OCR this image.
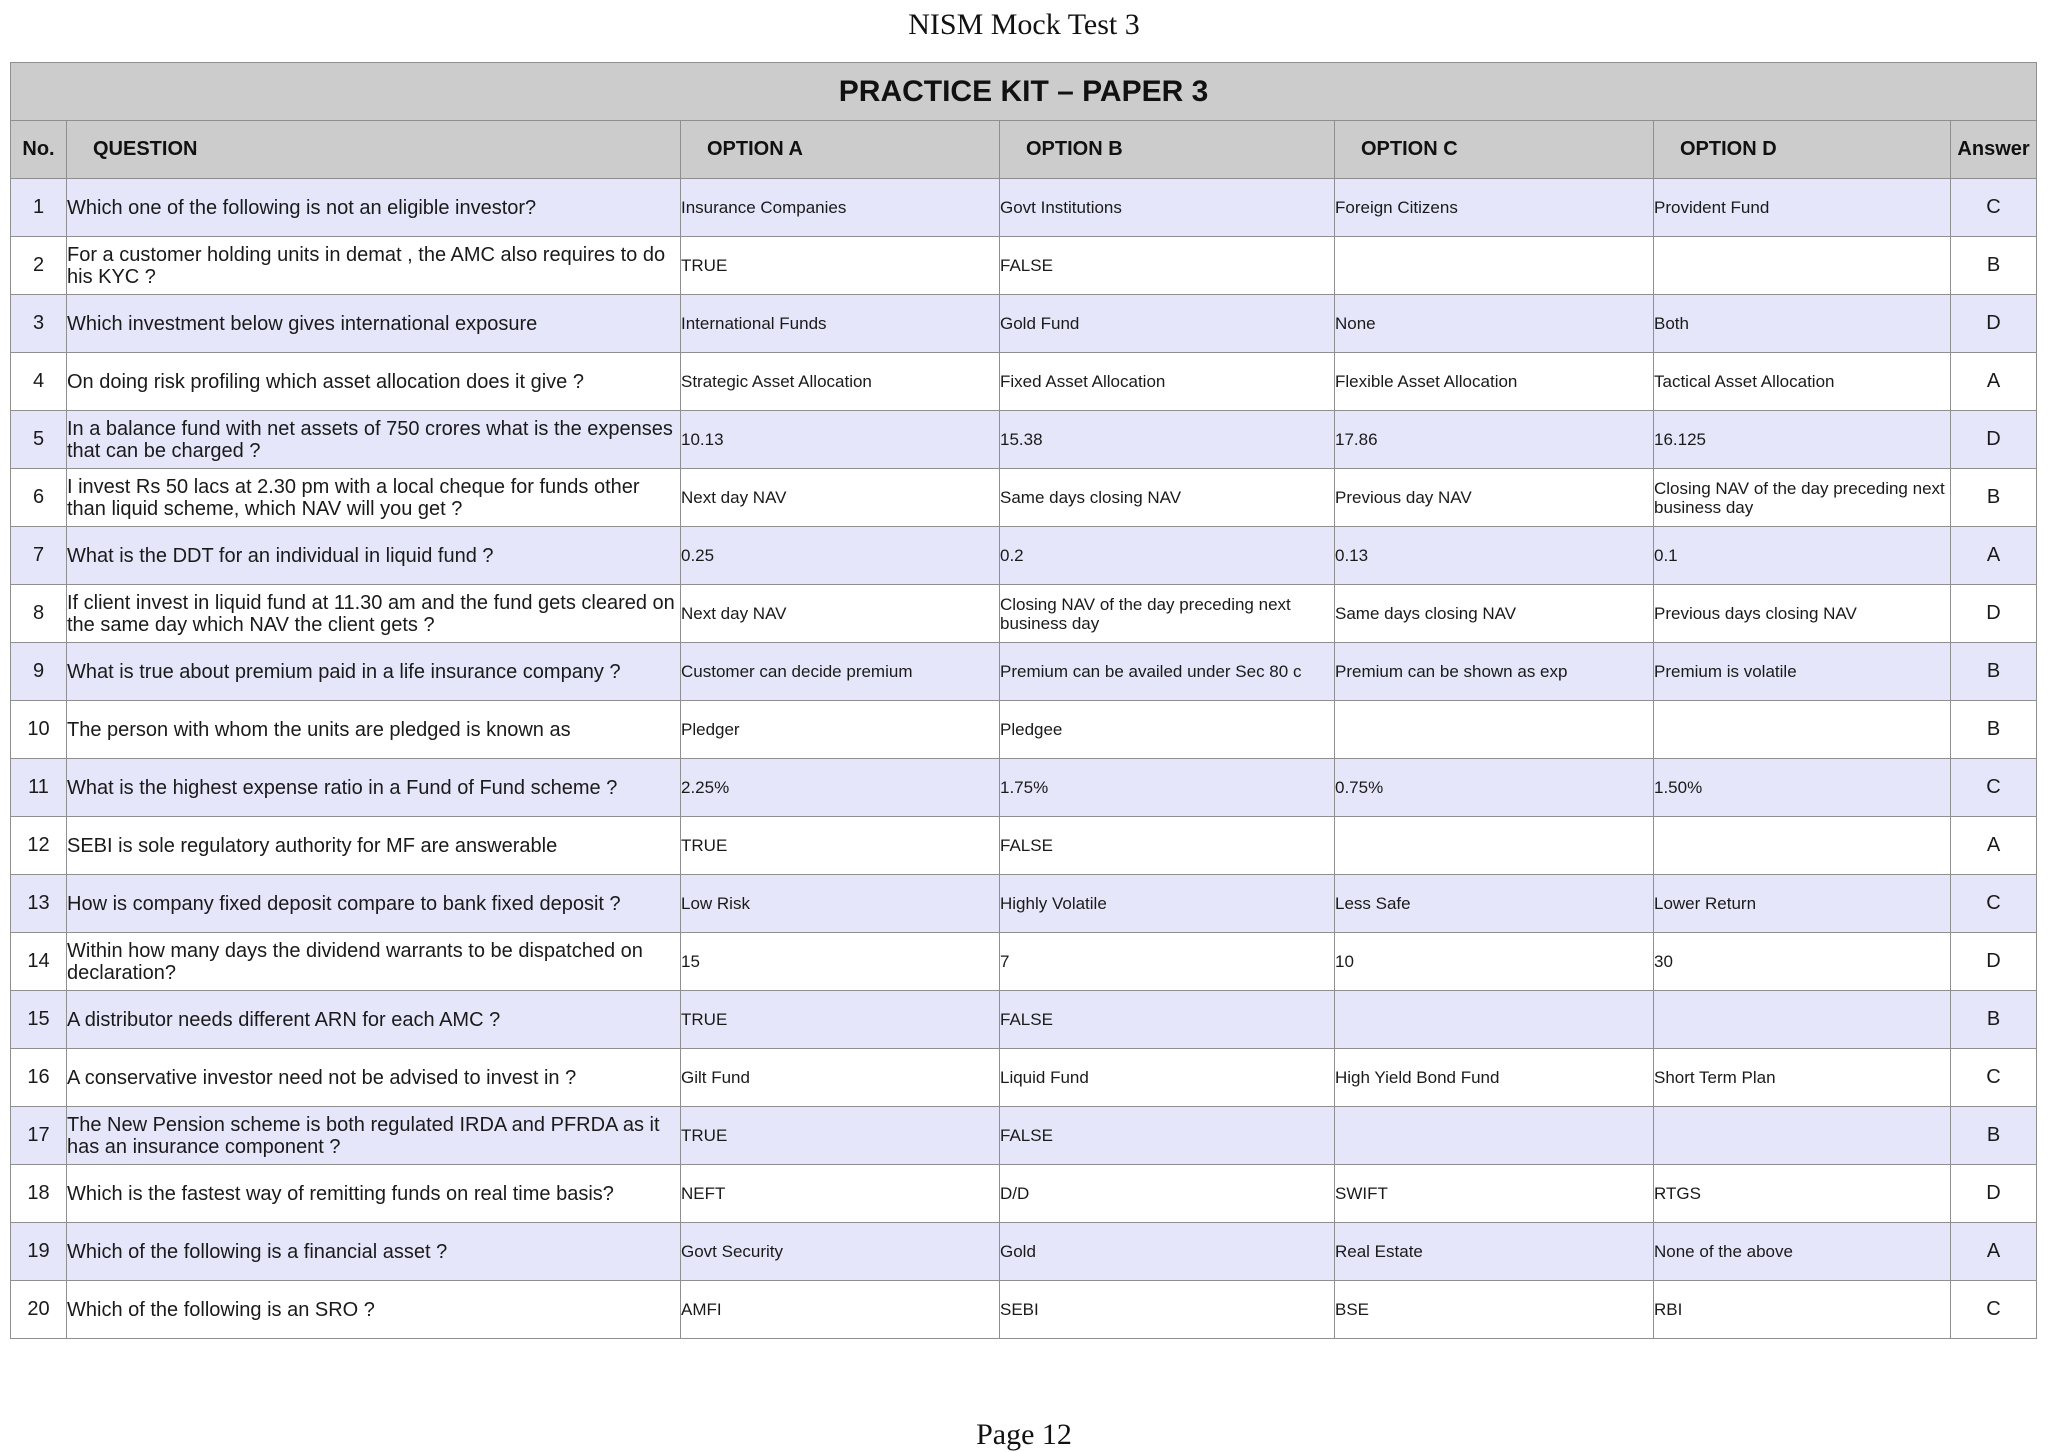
NISM Mock Test 3
PRACTICE KIT – PAPER 3						
No.	QUESTION	OPTION A	OPTION B	OPTION C	OPTION D	Answer
1	Which one of the following is not an eligible investor?	Insurance Companies	Govt Institutions	Foreign Citizens	Provident Fund	C
2	For a customer holding units in demat , the AMC also requires to do his KYC ?	TRUE	FALSE			B
3	Which investment below gives international exposure	International Funds	Gold Fund	None	Both	D
4	On doing risk profiling which asset allocation does it give ?	Strategic Asset Allocation	Fixed Asset Allocation	Flexible Asset Allocation	Tactical Asset Allocation	A
5	In a balance fund with net assets of 750 crores what is the expenses that can be charged ?	10.13	15.38	17.86	16.125	D
6	I invest Rs 50 lacs at 2.30 pm with a local cheque for funds other than liquid scheme, which NAV will you get ?	Next day NAV	Same days closing NAV	Previous day NAV	Closing NAV of the day preceding next business day	B
7	What is the DDT for an individual in liquid fund ?	0.25	0.2	0.13	0.1	A
8	If client invest in liquid fund at 11.30 am and the fund gets cleared on the same day which NAV the client gets ?	Next day NAV	Closing NAV of the day preceding next business day	Same days closing NAV	Previous days closing NAV	D
9	What is true about premium paid in a life insurance company ?	Customer can decide premium	Premium can be availed under Sec 80 c	Premium can be shown as exp	Premium is volatile	B
10	The person with whom the units are pledged is known as	Pledger	Pledgee			B
11	What is the highest expense ratio in a Fund of Fund scheme ?	2.25%	1.75%	0.75%	1.50%	C
12	SEBI is sole regulatory authority for MF are answerable	TRUE	FALSE			A
13	How is company fixed deposit compare to bank fixed deposit ?	Low Risk	Highly Volatile	Less Safe	Lower Return	C
14	Within how many days the dividend warrants to be dispatched on declaration?	15	7	10	30	D
15	A distributor needs different ARN for each AMC ?	TRUE	FALSE			B
16	A conservative investor need not be advised to invest in ?	Gilt Fund	Liquid Fund	High Yield Bond Fund	Short Term Plan	C
17	The New Pension scheme is both regulated IRDA and PFRDA as it has an insurance component ?	TRUE	FALSE			B
18	Which is the fastest way of remitting funds on real time basis?	NEFT	D/D	SWIFT	RTGS	D
19	Which of the following is a financial asset ?	Govt Security	Gold	Real Estate	None of the above	A
20	Which of the following is an SRO ?	AMFI	SEBI	BSE	RBI	C
Page 12
